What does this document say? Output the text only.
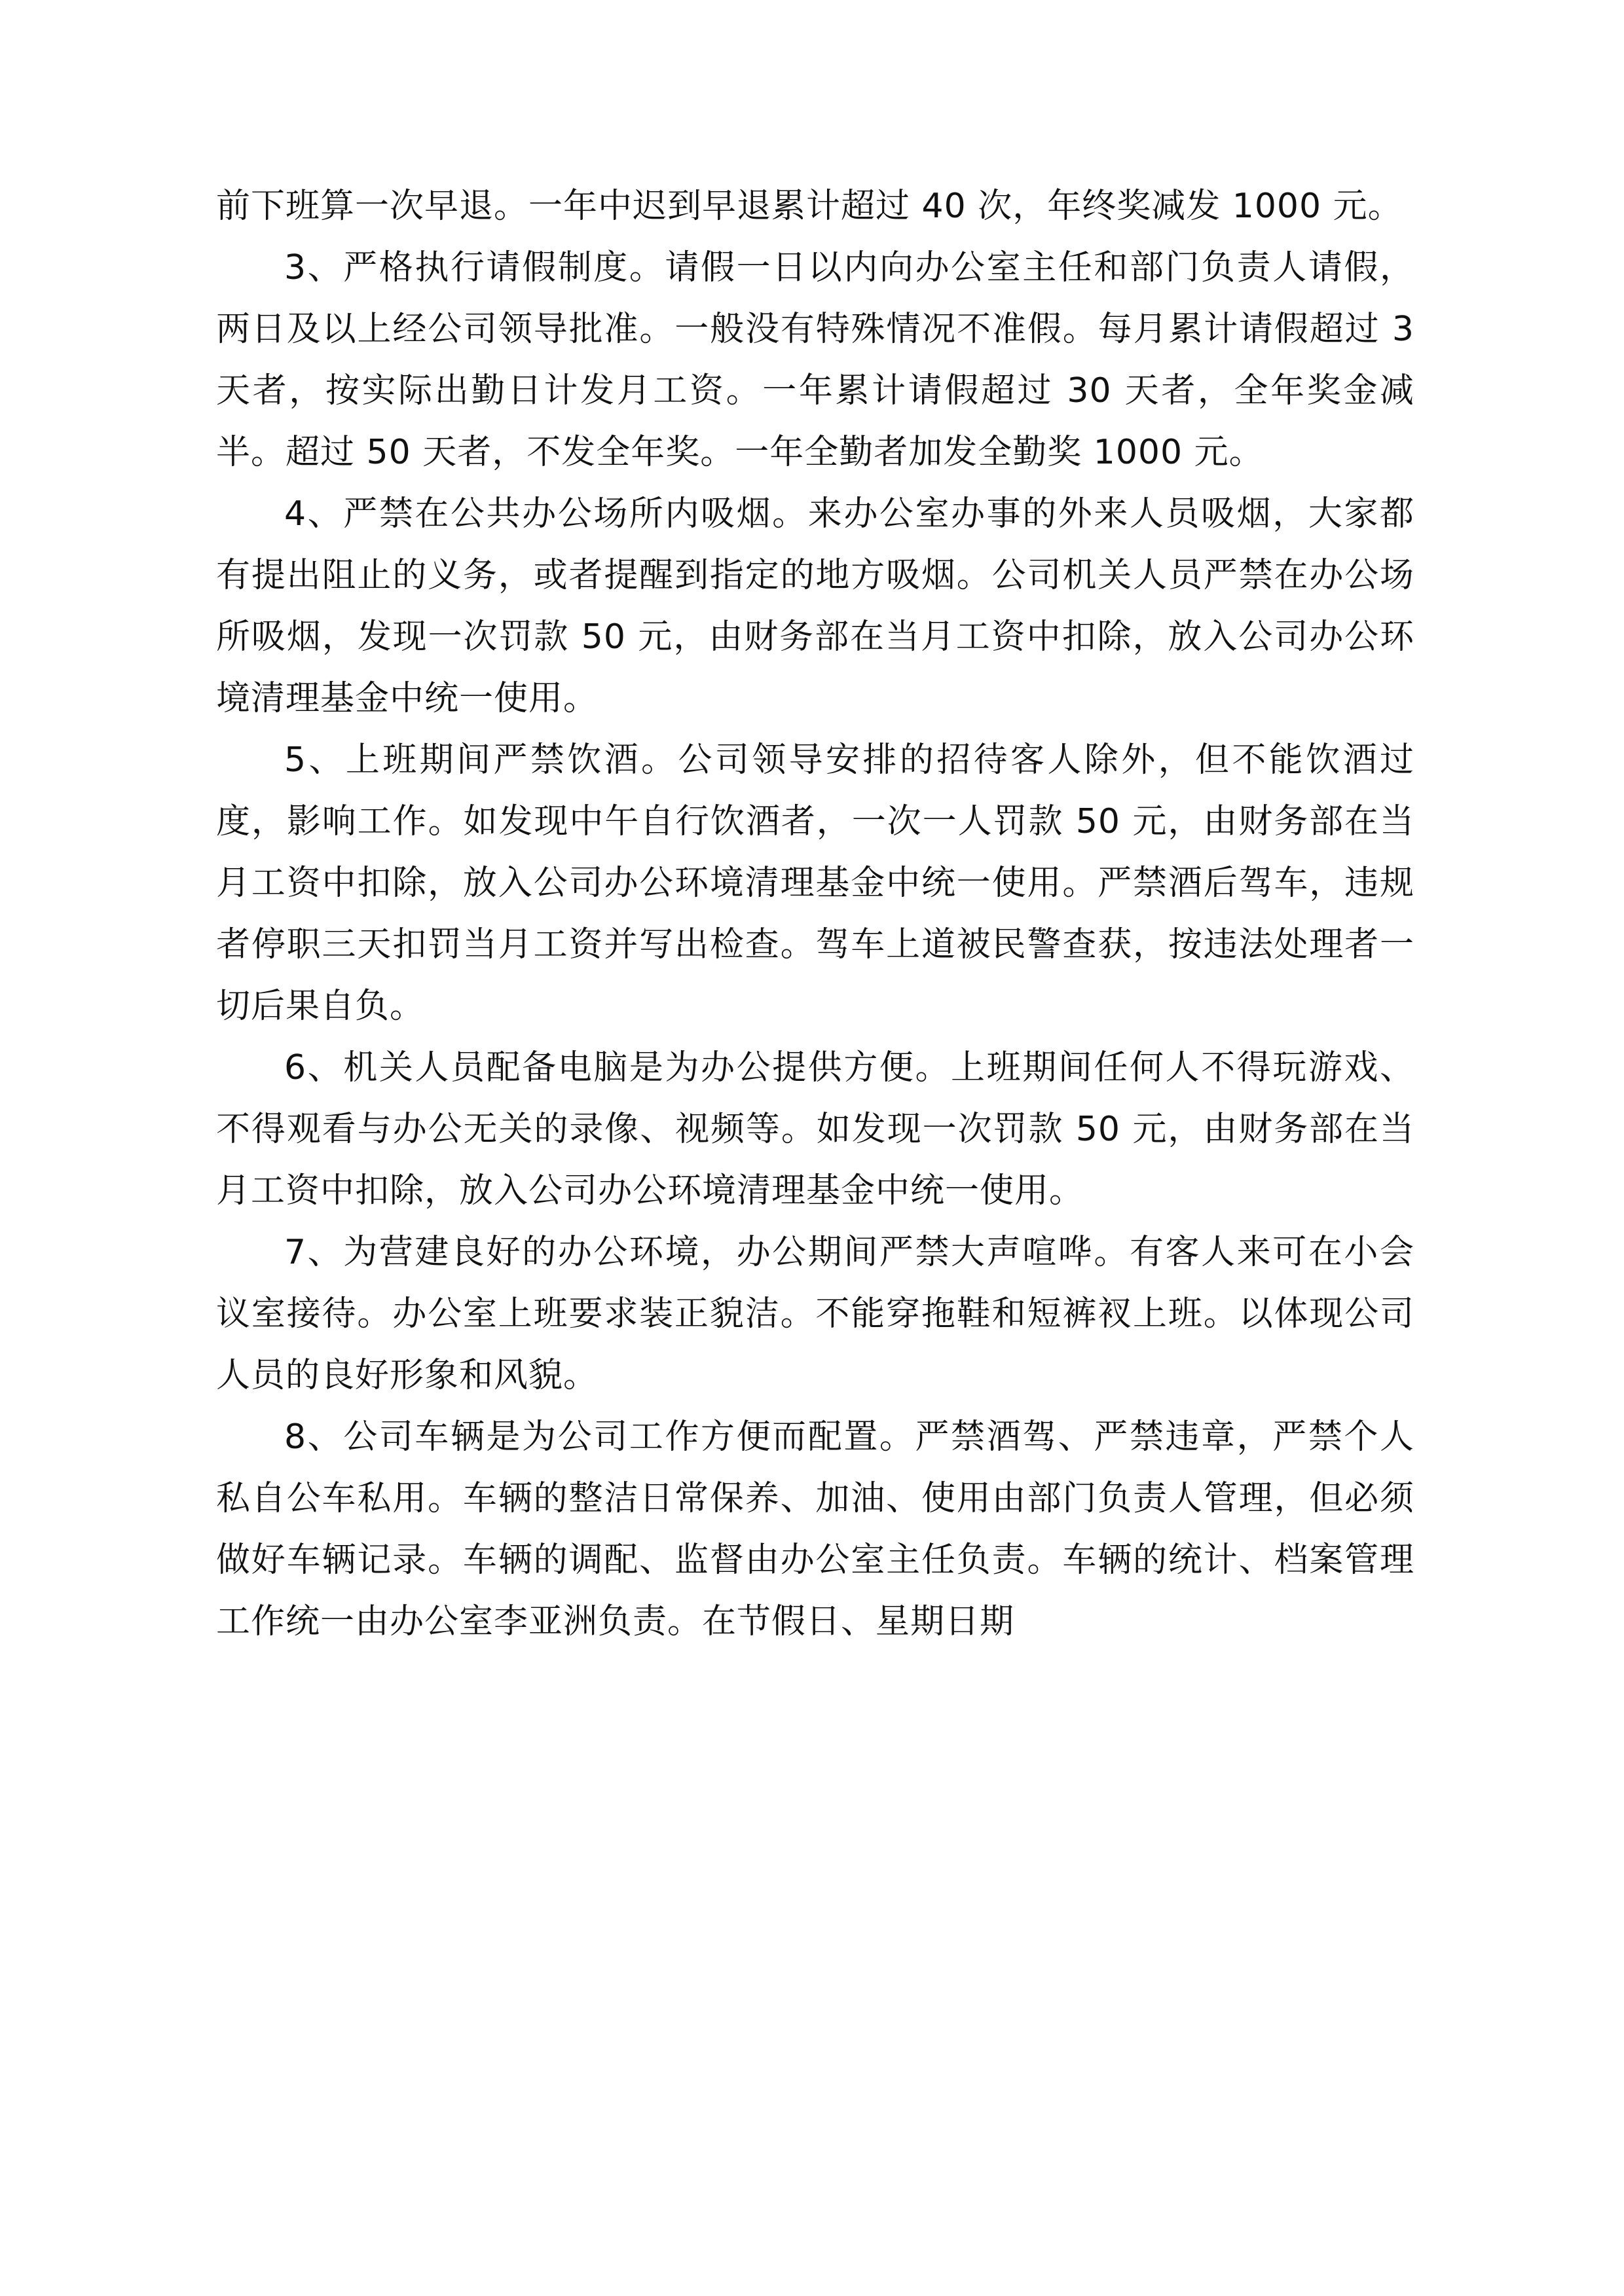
前下班算一次早退。一年中迟到早退累计超过 40 次，年终奖减发 1000 元。

3、严格执行请假制度。请假一日以内向办公室主任和部门负责人请假，两日及以上经公司领导批准。一般没有特殊情况不准假。每月累计请假超过 3 天者，按实际出勤日计发月工资。一年累计请假超过 30 天者，全年奖金减半。超过 50 天者，不发全年奖。一年全勤者加发全勤奖 1000 元。

4、严禁在公共办公场所内吸烟。来办公室办事的外来人员吸烟，大家都有提出阻止的义务，或者提醒到指定的地方吸烟。公司机关人员严禁在办公场所吸烟，发现一次罚款 50 元，由财务部在当月工资中扣除，放入公司办公环境清理基金中统一使用。

5、上班期间严禁饮酒。公司领导安排的招待客人除外，但不能饮酒过度，影响工作。如发现中午自行饮酒者，一次一人罚款 50 元，由财务部在当月工资中扣除，放入公司办公环境清理基金中统一使用。严禁酒后驾车，违规者停职三天扣罚当月工资并写出检查。驾车上道被民警查获，按违法处理者一切后果自负。

6、机关人员配备电脑是为办公提供方便。上班期间任何人不得玩游戏、不得观看与办公无关的录像、视频等。如发现一次罚款 50 元，由财务部在当月工资中扣除，放入公司办公环境清理基金中统一使用。

7、为营建良好的办公环境，办公期间严禁大声喧哗。有客人来可在小会议室接待。办公室上班要求装正貌洁。不能穿拖鞋和短裤衩上班。以体现公司人员的良好形象和风貌。

8、公司车辆是为公司工作方便而配置。严禁酒驾、严禁违章，严禁个人私自公车私用。车辆的整洁日常保养、加油、使用由部门负责人管理，但必须做好车辆记录。车辆的调配、监督由办公室主任负责。车辆的统计、档案管理工作统一由办公室李亚洲负责。在节假日、星期日期
